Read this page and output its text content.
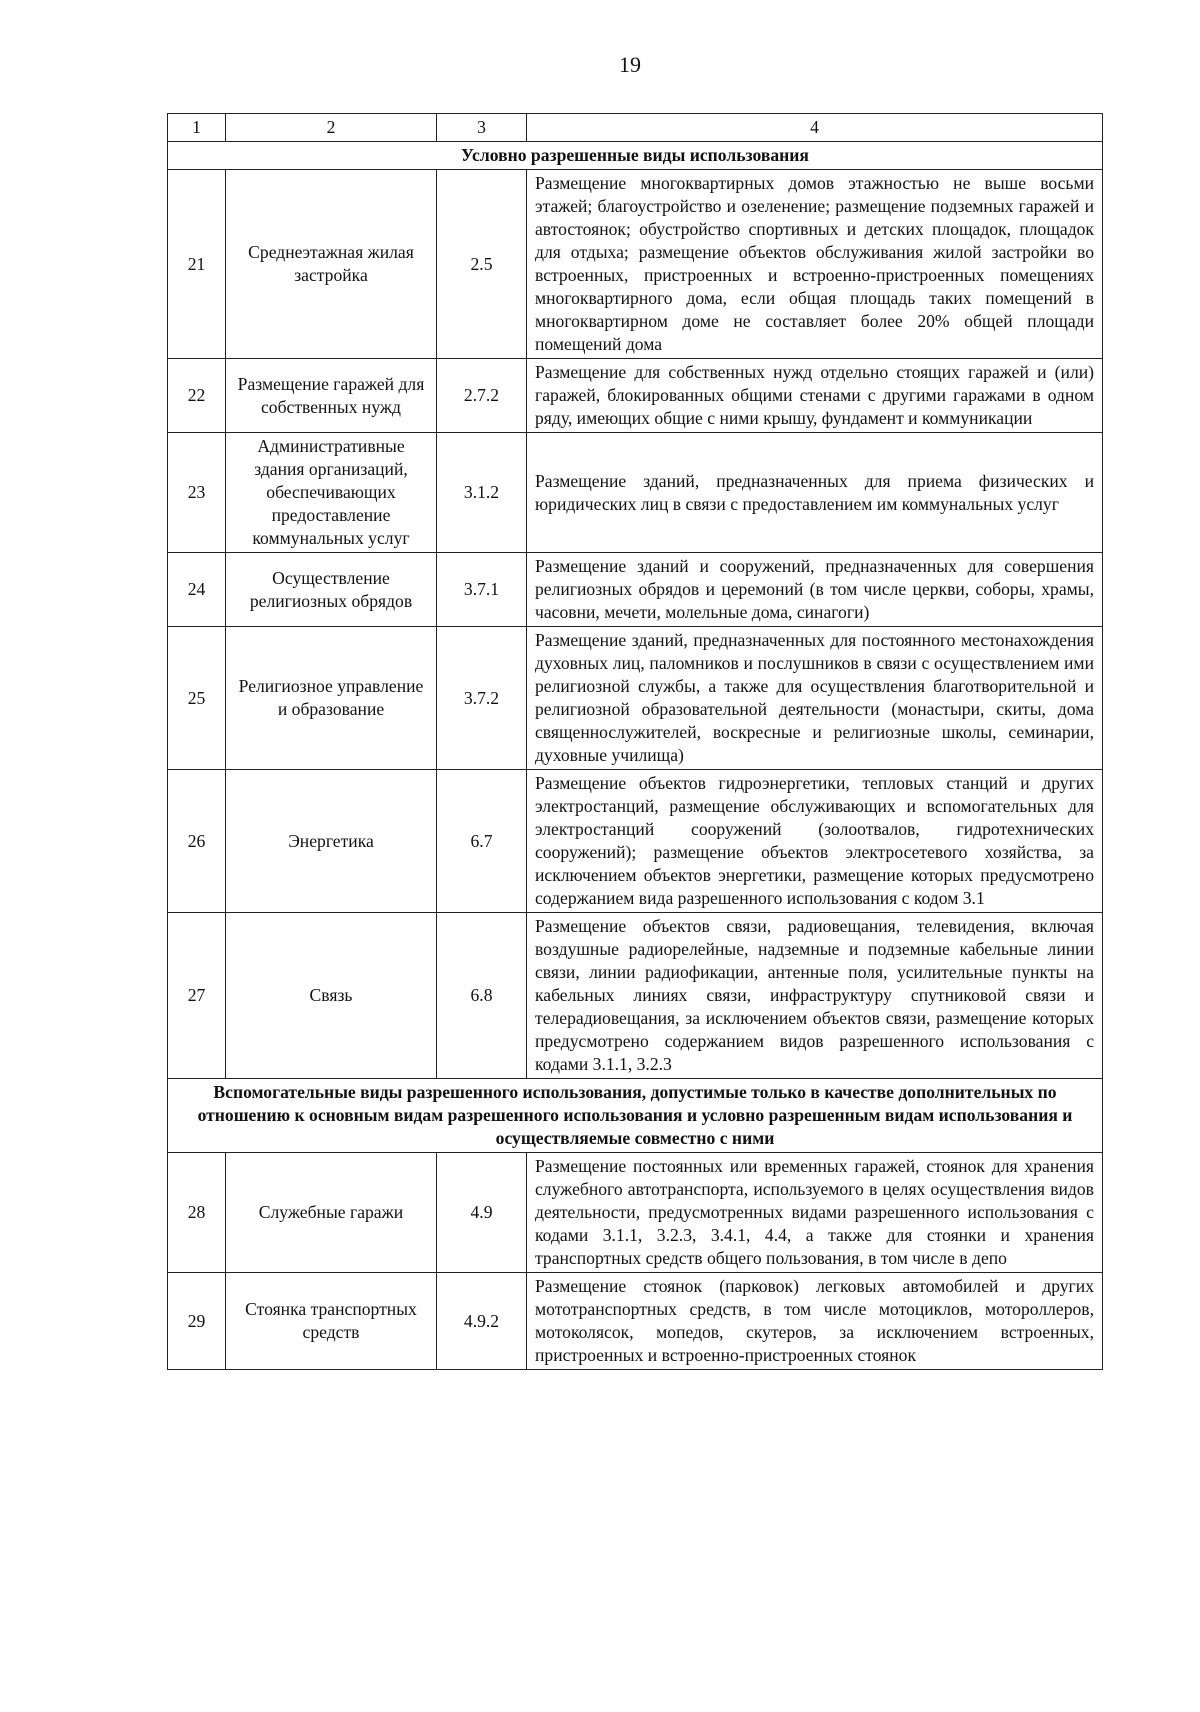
19
1	2	3	4
Условно разрешенные виды использования			
21	Среднеэтажная жилая застройка	2.5	Размещение многоквартирных домов этажностью не выше восьми этажей; благоустройство и озеленение; размещение подземных гаражей и автостоянок; обустройство спортивных и детских площадок, площадок для отдыха; размещение объектов обслуживания жилой застройки во встроенных, пристроенных и встроенно-пристроенных помещениях многоквартирного дома, если общая площадь таких помещений в многоквартирном доме не составляет более 20% общей площади помещений дома
22	Размещение гаражей для собственных нужд	2.7.2	Размещение для собственных нужд отдельно стоящих гаражей и (или) гаражей, блокированных общими стенами с другими гаражами в одном ряду, имеющих общие с ними крышу, фундамент и коммуникации
23	Административные здания организаций, обеспечивающих предоставление коммунальных услуг	3.1.2	Размещение зданий, предназначенных для приема физических и юридических лиц в связи с предоставлением им коммунальных услуг
24	Осуществление религиозных обрядов	3.7.1	Размещение зданий и сооружений, предназначенных для совершения религиозных обрядов и церемоний (в том числе церкви, соборы, храмы, часовни, мечети, молельные дома, синагоги)
25	Религиозное управление и образование	3.7.2	Размещение зданий, предназначенных для постоянного местонахождения духовных лиц, паломников и послушников в связи с осуществлением ими религиозной службы, а также для осуществления благотворительной и религиозной образовательной деятельности (монастыри, скиты, дома священнослужителей, воскресные и религиозные школы, семинарии, духовные училища)
26	Энергетика	6.7	Размещение объектов гидроэнергетики, тепловых станций и других электростанций, размещение обслуживающих и вспомогательных для электростанций сооружений (золоотвалов, гидротехнических сооружений); размещение объектов электросетевого хозяйства, за исключением объектов энергетики, размещение которых предусмотрено содержанием вида разрешенного использования с кодом 3.1
27	Связь	6.8	Размещение объектов связи, радиовещания, телевидения, включая воздушные радиорелейные, надземные и подземные кабельные линии связи, линии радиофикации, антенные поля, усилительные пункты на кабельных линиях связи, инфраструктуру спутниковой связи и телерадиовещания, за исключением объектов связи, размещение которых предусмотрено содержанием видов разрешенного использования с кодами 3.1.1, 3.2.3
Вспомогательные виды разрешенного использования, допустимые только в качестве дополнительных по отношению к основным видам разрешенного использования и условно разрешенным видам использования и осуществляемые совместно с ними			
28	Служебные гаражи	4.9	Размещение постоянных или временных гаражей, стоянок для хранения служебного автотранспорта, используемого в целях осуществления видов деятельности, предусмотренных видами разрешенного использования с кодами 3.1.1, 3.2.3, 3.4.1, 4.4, а также для стоянки и хранения транспортных средств общего пользования, в том числе в депо
29	Стоянка транспортных средств	4.9.2	Размещение стоянок (парковок) легковых автомобилей и других мототранспортных средств, в том числе мотоциклов, мотороллеров, мотоколясок, мопедов, скутеров, за исключением встроенных, пристроенных и встроенно-пристроенных стоянок
